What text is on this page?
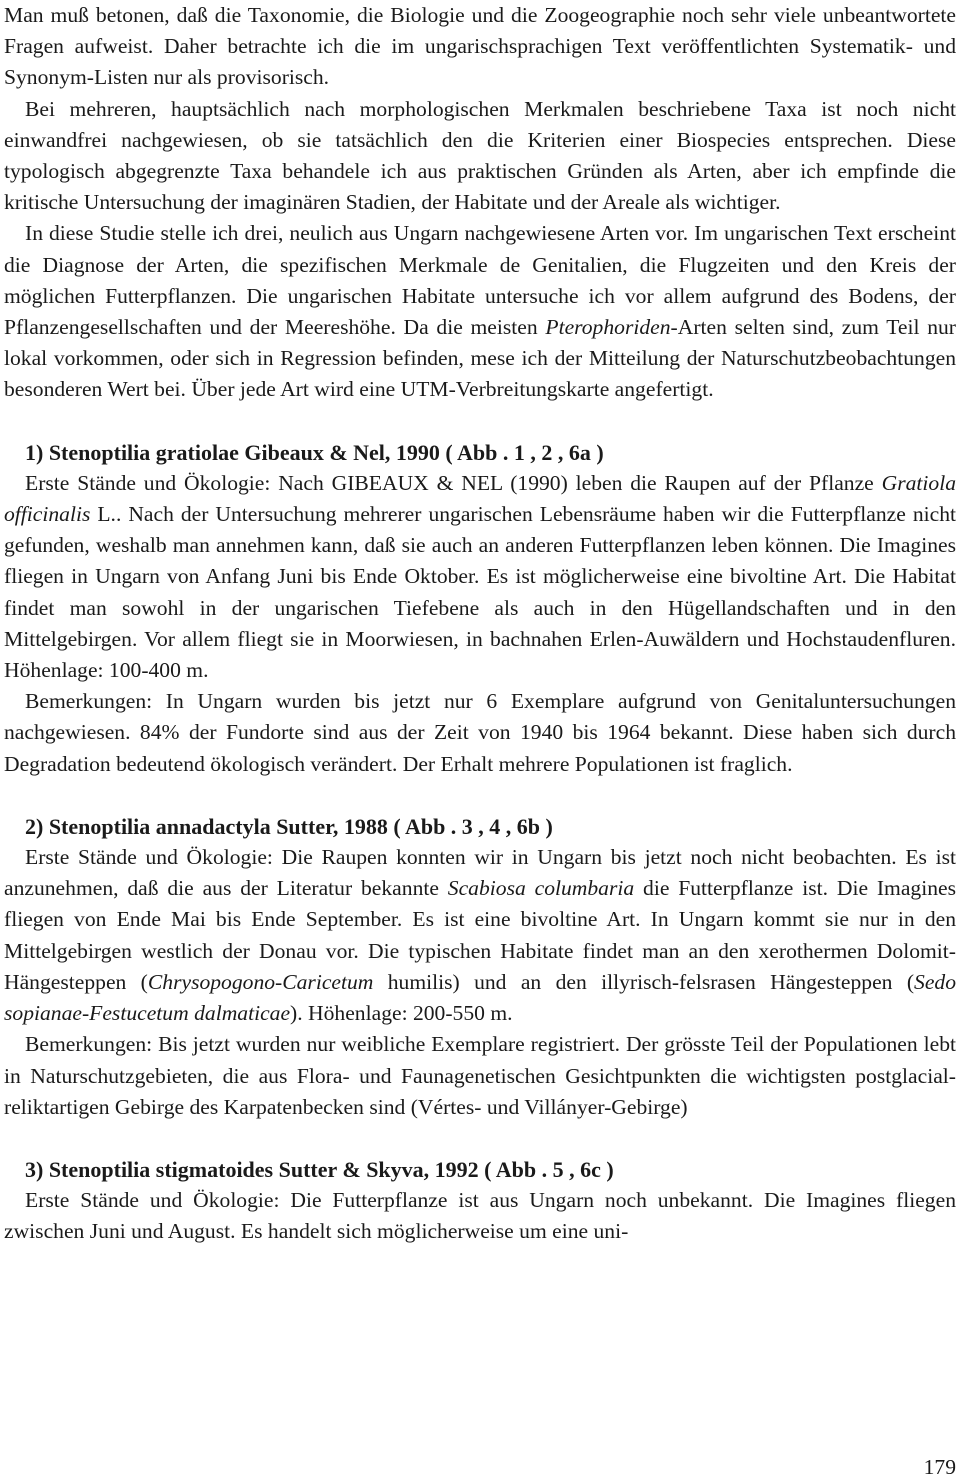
Man muß betonen, daß die Taxonomie, die Biologie und die Zoogeographie noch sehr viele unbeantwortete Fragen aufweist. Daher betrachte ich die im ungarischsprachigen Text veröffentlichten Systematik- und Synonym-Listen nur als provisorisch.

Bei mehreren, hauptsächlich nach morphologischen Merkmalen beschriebene Taxa ist noch nicht einwandfrei nachgewiesen, ob sie tatsächlich den die Kriterien einer Biospecies entsprechen. Diese typologisch abgegrenzte Taxa behandele ich aus praktischen Gründen als Arten, aber ich empfinde die kritische Untersuchung der imaginären Stadien, der Habitate und der Areale als wichtiger.

In diese Studie stelle ich drei, neulich aus Ungarn nachgewiesene Arten vor. Im ungarischen Text erscheint die Diagnose der Arten, die spezifischen Merkmale de Genitalien, die Flugzeiten und den Kreis der möglichen Futterpflanzen. Die ungarischen Habitate untersuche ich vor allem aufgrund des Bodens, der Pflanzengesellschaften und der Meereshöhe. Da die meisten Pterophoriden-Arten selten sind, zum Teil nur lokal vorkommen, oder sich in Regression befinden, mese ich der Mitteilung der Naturschutzbeobachtungen besonderen Wert bei. Über jede Art wird eine UTM-Verbreitungskarte angefertigt.

1) Stenoptilia gratiolae Gibeaux & Nel, 1990 ( Abb . 1 , 2 , 6a )

Erste Stände und Ökologie: Nach GIBEAUX & NEL (1990) leben die Raupen auf der Pflanze Gratiola officinalis L.. Nach der Untersuchung mehrerer ungarischen Lebensräume haben wir die Futterpflanze nicht gefunden, weshalb man annehmen kann, daß sie auch an anderen Futterpflanzen leben können. Die Imagines fliegen in Ungarn von Anfang Juni bis Ende Oktober. Es ist möglicherweise eine bivoltine Art. Die Habitat findet man sowohl in der ungarischen Tiefebene als auch in den Hügellandschaften und in den Mittelgebirgen. Vor allem fliegt sie in Moorwiesen, in bachnahen Erlen-Auwäldern und Hochstaudenfluren. Höhenlage: 100-400 m.

Bemerkungen: In Ungarn wurden bis jetzt nur 6 Exemplare aufgrund von Genitaluntersuchungen nachgewiesen. 84% der Fundorte sind aus der Zeit von 1940 bis 1964 bekannt. Diese haben sich durch Degradation bedeutend ökologisch verändert. Der Erhalt mehrere Populationen ist fraglich.

2) Stenoptilia annadactyla Sutter, 1988 ( Abb . 3 , 4 , 6b )

Erste Stände und Ökologie: Die Raupen konnten wir in Ungarn bis jetzt noch nicht beobachten. Es ist anzunehmen, daß die aus der Literatur bekannte Scabiosa columbaria die Futterpflanze ist. Die Imagines fliegen von Ende Mai bis Ende September. Es ist eine bivoltine Art. In Ungarn kommt sie nur in den Mittelgebirgen westlich der Donau vor. Die typischen Habitate findet man an den xerothermen Dolomit-Hängesteppen (Chrysopogono-Caricetum humilis) und an den illyrisch-felsrasen Hängesteppen (Sedo sopianae-Festucetum dalmaticae). Höhenlage: 200-550 m.

Bemerkungen: Bis jetzt wurden nur weibliche Exemplare registriert. Der grösste Teil der Populationen lebt in Naturschutzgebieten, die aus Flora- und Faunagenetischen Gesichtpunkten die wichtigsten postglacial-reliktartigen Gebirge des Karpatenbecken sind (Vértes- und Villányer-Gebirge)

3) Stenoptilia stigmatoides Sutter & Skyva, 1992 ( Abb . 5 , 6c )

Erste Stände und Ökologie: Die Futterpflanze ist aus Ungarn noch unbekannt. Die Imagines fliegen zwischen Juni und August. Es handelt sich möglicherweise um eine uni-

179
